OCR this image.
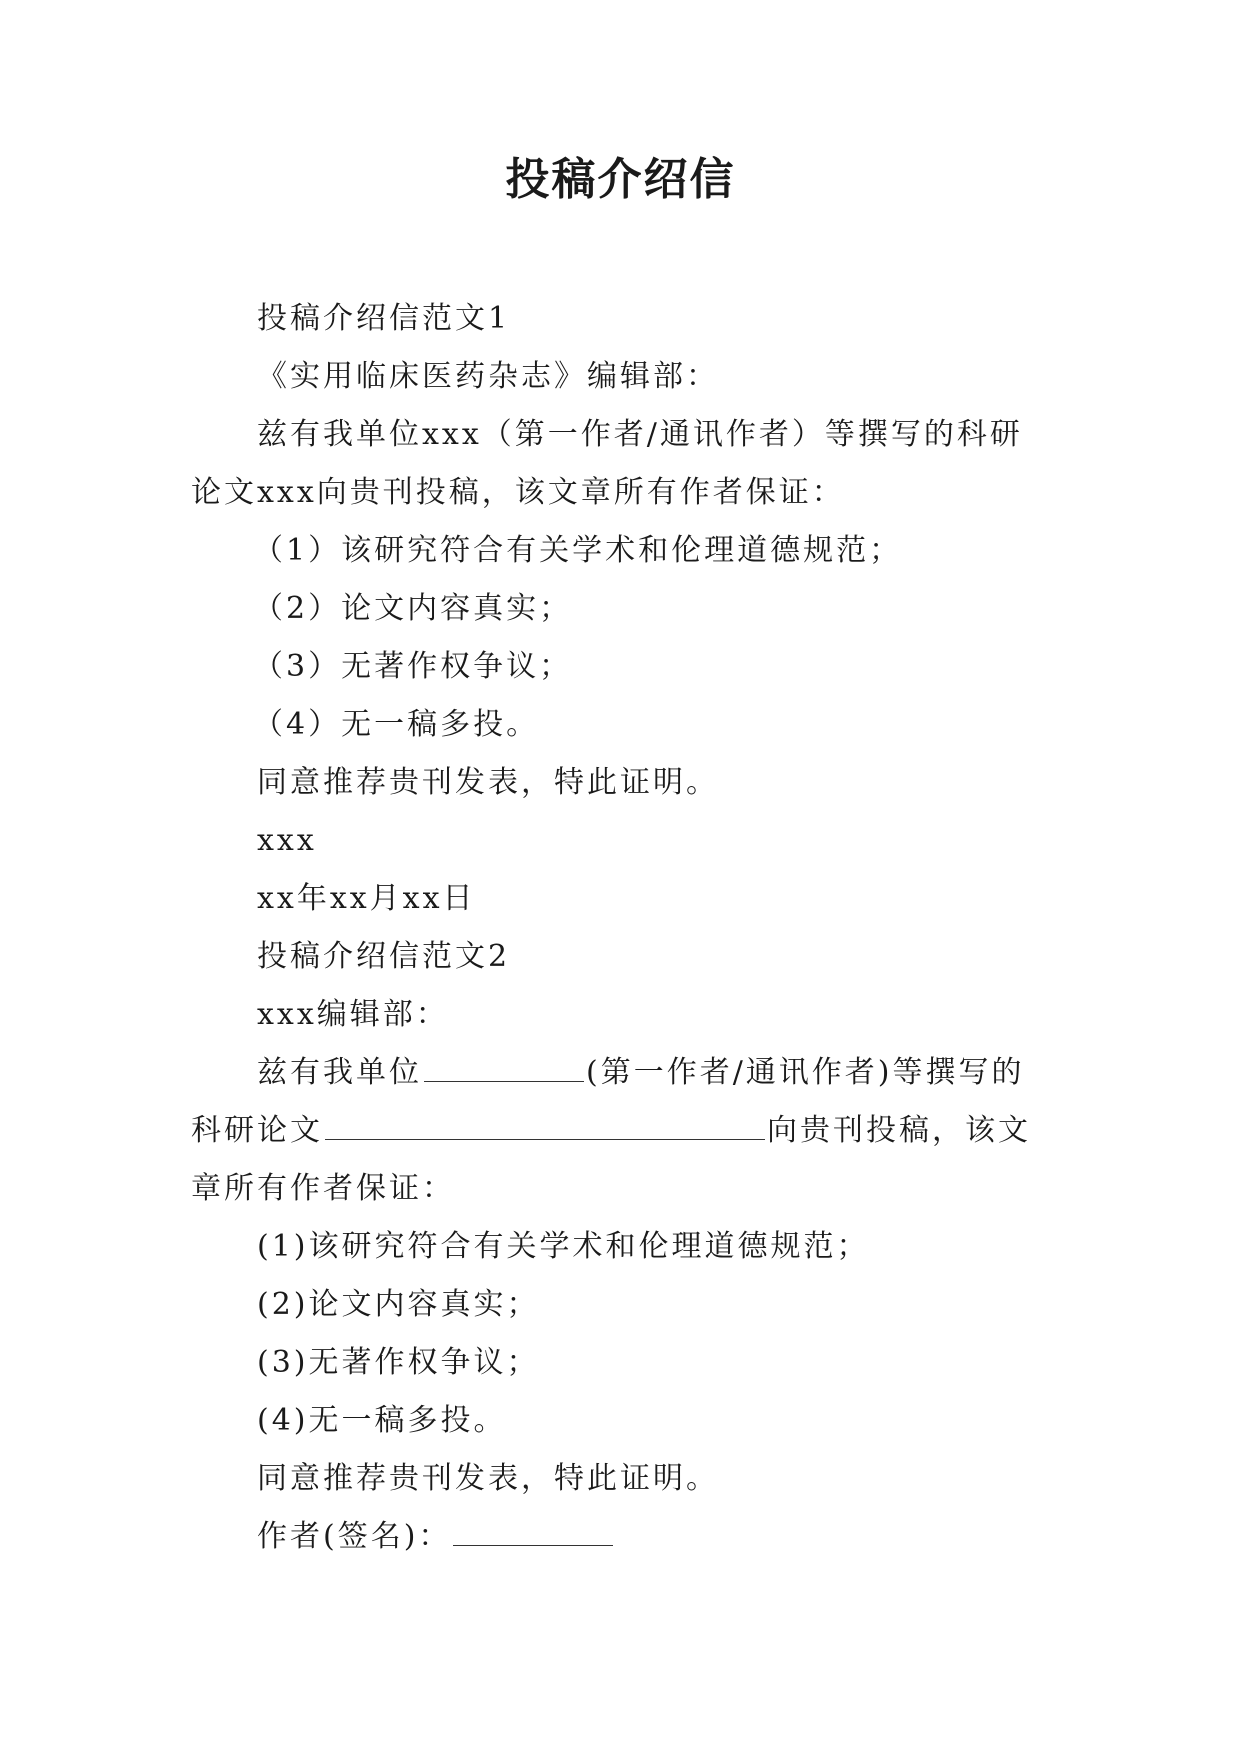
投稿介绍信

投稿介绍信范文1

《实用临床医药杂志》编辑部：

兹有我单位xxx（第一作者/通讯作者）等撰写的科研论文xxx向贵刊投稿，该文章所有作者保证：

（1）该研究符合有关学术和伦理道德规范；

（2）论文内容真实；

（3）无著作权争议；

（4）无一稿多投。

同意推荐贵刊发表，特此证明。

xxx

xx年xx月xx日

投稿介绍信范文2

xxx编辑部：

兹有我单位	(第一作者/通讯作者)等撰写的科研论文	向贵刊投稿，该文章所有作者保证：

(1)该研究符合有关学术和伦理道德规范；

(2)论文内容真实；

(3)无著作权争议；

(4)无一稿多投。

同意推荐贵刊发表，特此证明。

作者(签名)：
